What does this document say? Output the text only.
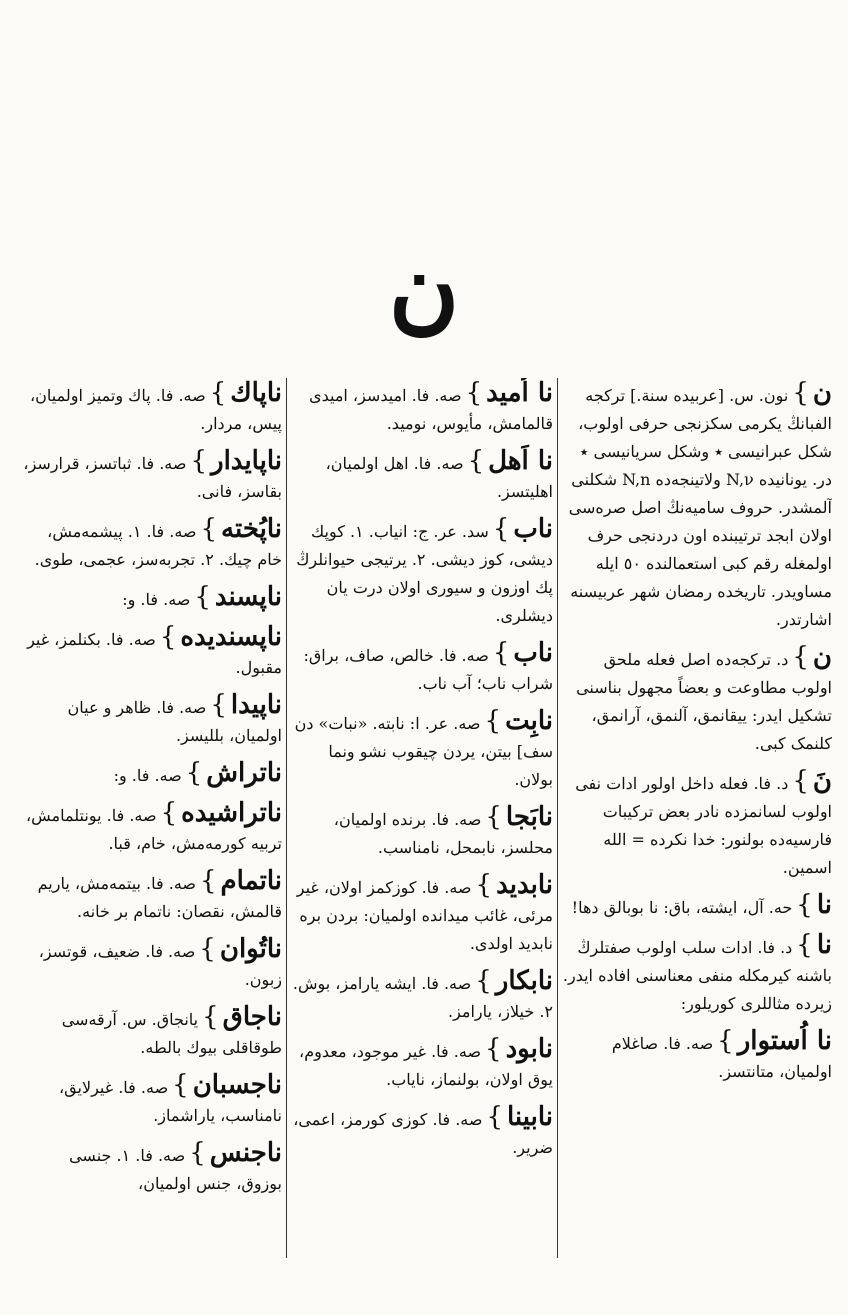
ن
ن}نون. س. [عربیده سنة.] ترکجه الفبانڭ یکرمی سکزنجی حرفی اولوب، شکل عبرانیسی ٭ وشکل سریانیسی ٭ در. یونانیده N,ν ولاتینجه‌ده N,n شکلنی آلمشدر. حروف سامیه‌نڭ اصل صره‌سی اولان ابجد ترتیبنده اون دردنجی حرف اولمغله رقم کبی استعمالنده ٥٠ ایله مساویدر. تاریخده رمضان شهر عربیسنه اشارتدر.
ن}د. ترکجه‌ده اصل فعله ملحق اولوب مطاوعت و بعضاً مجهول بناسنی تشکیل ایدر: ییقانمق، آلنمق، آرانمق، کلنمک کبی.
نَ}د. فا. فعله داخل اولور ادات نفی اولوب لسانمزده نادر بعض ترکیبات فارسیه‌ده بولنور: خدا نکرده = الله اسمین.
نا}حه. آل، ایشته، باق: نا بوبالق دها!
نا}د. فا. ادات سلب اولوب صفتلرڭ باشنه کیرمکله منفی معناسنی افاده ایدر. زیرده مثاللری کوریلور:
نا اُستوار}صه. فا. صاغلام اولمیان، متانتسز.
نا اُمید}صه. فا. امیدسز، امیدی قالمامش، مأیوس، نومید.
نا اَهل}صه. فا. اهل اولمیان، اهلیتسز.
ناب}سد. عر. ج: انیاب. ١. کوپك دیشی، کوز دیشی. ٢. یرتیجی حیوانلرڭ پك اوزون و سیوری اولان درت یان دیشلری.
ناب}صه. فا. خالص، صاف، براق: شراب ناب؛ آب ناب.
نابِت}صه. عر. ا: نابته. «نبات» دن سف] بیتن، یردن چیقوب نشو ونما بولان.
نابَجا}صه. فا. برنده اولمیان، محلسز، نابمحل، نامناسب.
نابدید}صه. فا. کوزکمز اولان، غیر مرئی، غائب میدانده اولمیان: بردن بره نابدید اولدی.
نابکار}صه. فا. ایشه یارامز، بوش. ٢. خیلاز، یارامز.
نابود}صه. فا. غیر موجود، معدوم، یوق اولان، بولنماز، نایاب.
نابینا}صه. فا. کوزی کورمز، اعمی، ضریر.
ناپاك}صه. فا. پاك وتمیز اولمیان، پیس، مردار.
ناپایدار}صه. فا. ثباتسز، قرارسز، بقاسز، فانی.
ناپُخته}صه. فا. ١. پیشمه‌مش، خام چیك. ٢. تجربه‌سز، عجمی، طوی.
ناپسند}صه. فا. و:
ناپسندیده}صه. فا. بکنلمز، غیر مقبول.
ناپیدا}صه. فا. ظاهر و عیان اولمیان، بللیسز.
ناتراش}صه. فا. و:
ناتراشیده}صه. فا. یونتلمامش، تربیه کورمه‌مش، خام، قبا.
ناتمام}صه. فا. بیتمه‌مش، یاریم قالمش، نقصان: ناتمام بر خانه.
ناتُوان}صه. فا. ضعیف، قوتسز، زبون.
ناجاق}یانجاق. س. آرقه‌سی طوقاقلی بیوك بالطه.
ناجسبان}صه. فا. غیرلایق، نامناسب، یاراشماز.
ناجنس}صه. فا. ١. جنسی بوزوق، جنس اولمیان،
